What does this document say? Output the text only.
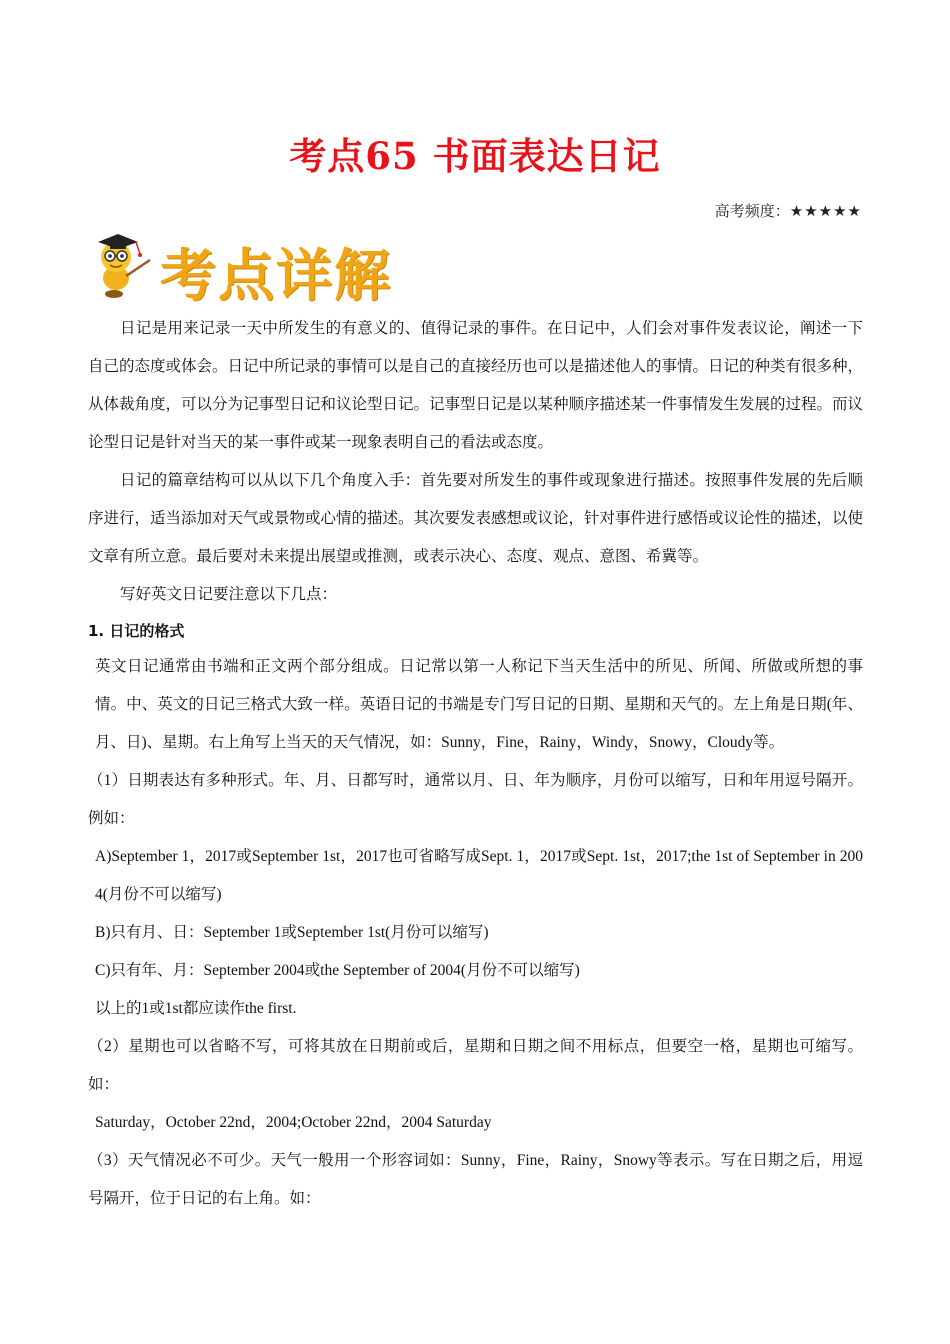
考点65 书面表达日记
高考频度：★★★★★
考点详解

日记是用来记录一天中所发生的有意义的、值得记录的事件。在日记中，人们会对事件发表议论，阐述一下自己的态度或体会。日记中所记录的事情可以是自己的直接经历也可以是描述他人的事情。日记的种类有很多种，从体裁角度，可以分为记事型日记和议论型日记。记事型日记是以某种顺序描述某一件事情发生发展的过程。而议论型日记是针对当天的某一事件或某一现象表明自己的看法或态度。

日记的篇章结构可以从以下几个角度入手：首先要对所发生的事件或现象进行描述。按照事件发展的先后顺序进行，适当添加对天气或景物或心情的描述。其次要发表感想或议论，针对事件进行感悟或议论性的描述，以使文章有所立意。最后要对未来提出展望或推测，或表示决心、态度、观点、意图、希冀等。

写好英文日记要注意以下几点：

1. 日记的格式

英文日记通常由书端和正文两个部分组成。日记常以第一人称记下当天生活中的所见、所闻、所做或所想的事情。中、英文的日记三格式大致一样。英语日记的书端是专门写日记的日期、星期和天气的。左上角是日期(年、月、日)、星期。右上角写上当天的天气情况，如：Sunny，Fine，Rainy，Windy，Snowy，Cloudy等。

（1）日期表达有多种形式。年、月、日都写时，通常以月、日、年为顺序，月份可以缩写，日和年用逗号隔开。例如：

A)September 1，2017或September 1st，2017也可省略写成Sept. 1，2017或Sept. 1st，2017;the 1st of September in 2004(月份不可以缩写)

B)只有月、日：September 1或September 1st(月份可以缩写)

C)只有年、月：September 2004或the September of 2004(月份不可以缩写)

以上的1或1st都应读作the first.

（2）星期也可以省略不写，可将其放在日期前或后，星期和日期之间不用标点，但要空一格，星期也可缩写。如：

Saturday，October 22nd，2004;October 22nd，2004 Saturday

（3）天气情况必不可少。天气一般用一个形容词如：Sunny，Fine，Rainy，Snowy等表示。写在日期之后，用逗号隔开，位于日记的右上角。如：
